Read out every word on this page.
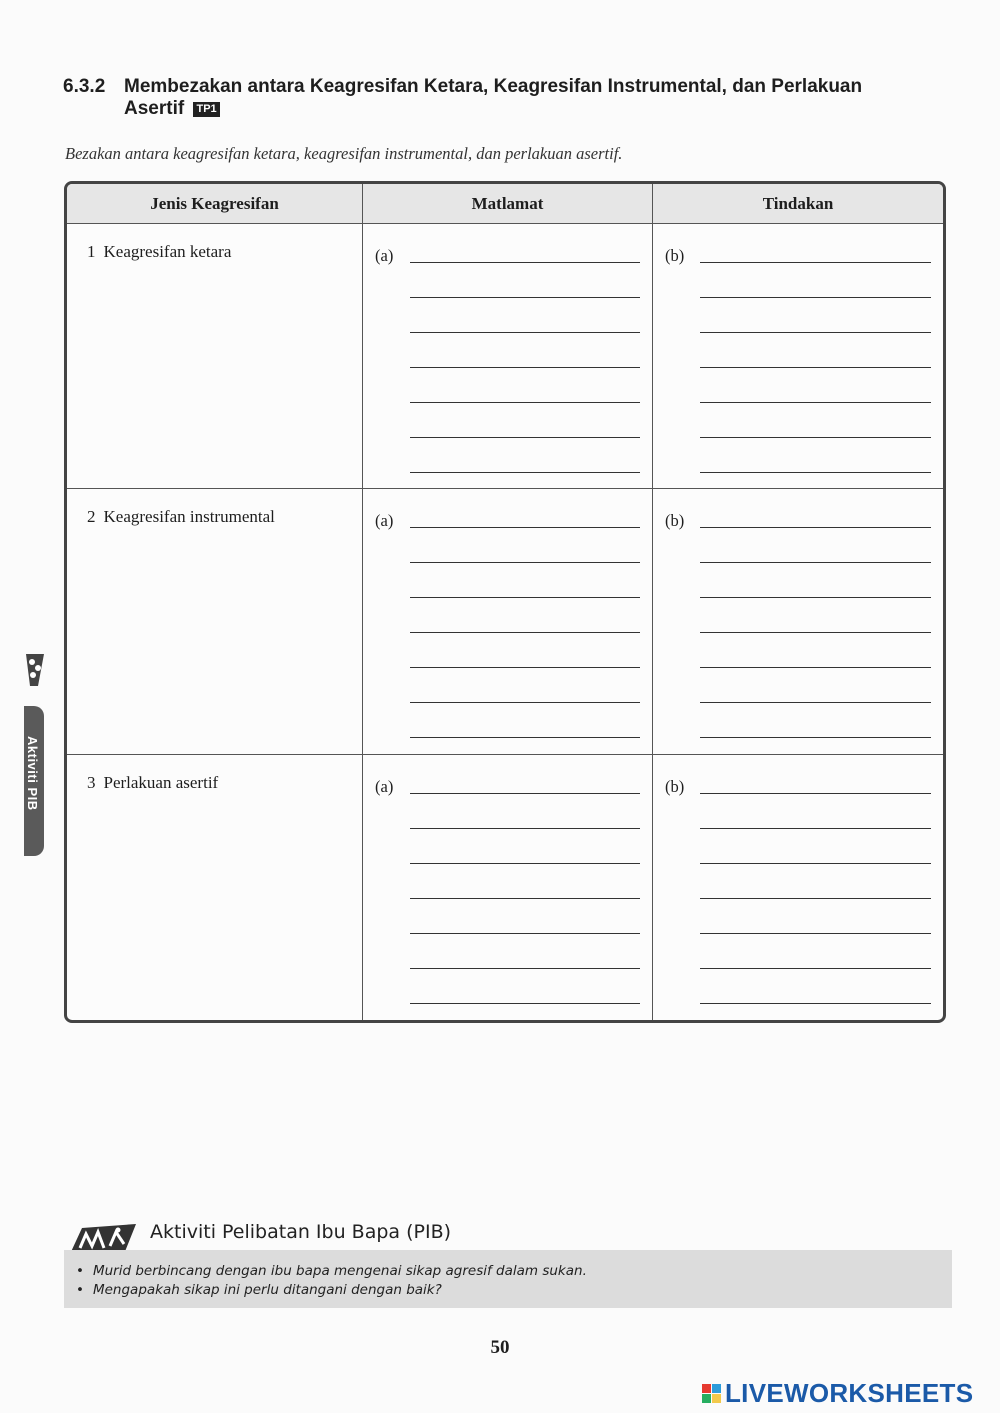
6.3.2 Membezakan antara Keagresifan Ketara, Keagresifan Instrumental, dan Perlakuan Asertif TP1
Bezakan antara keagresifan ketara, keagresifan instrumental, dan perlakuan asertif.
Jenis Keagresifan	Matlamat	Tindakan
1 Keagresifan ketara	(a)	(b)
2 Keagresifan instrumental	(a)	(b)
3 Perlakuan asertif	(a)	(b)
Aktiviti PIB
Aktiviti Pelibatan Ibu Bapa (PIB)
• Murid berbincang dengan ibu bapa mengenai sikap agresif dalam sukan.
• Mengapakah sikap ini perlu ditangani dengan baik?
50
LIVEWORKSHEETS
